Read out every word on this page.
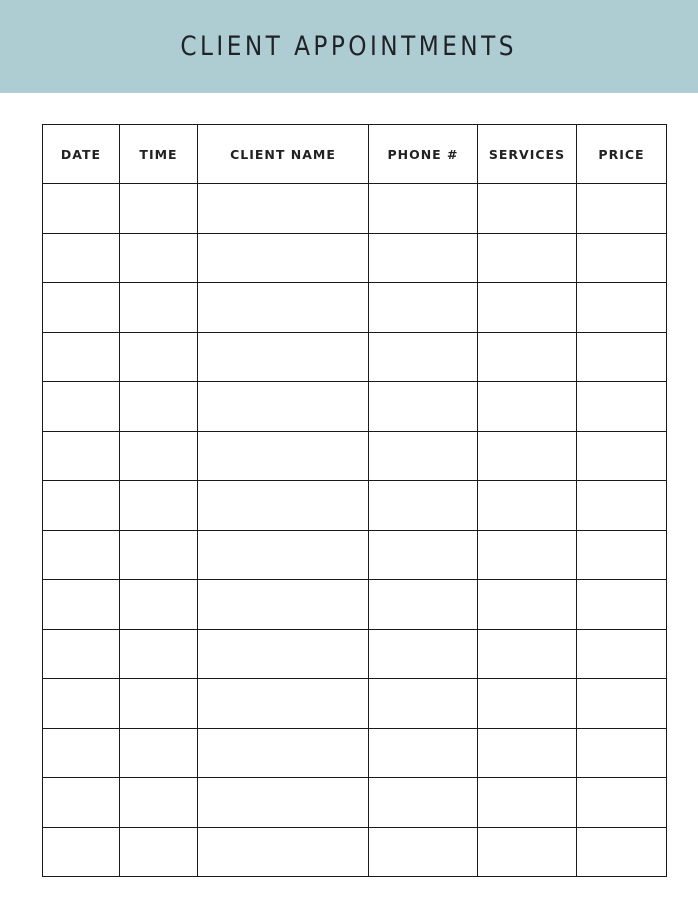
CLIENT APPOINTMENTS
DATE	TIME	CLIENT NAME	PHONE #	SERVICES	PRICE
